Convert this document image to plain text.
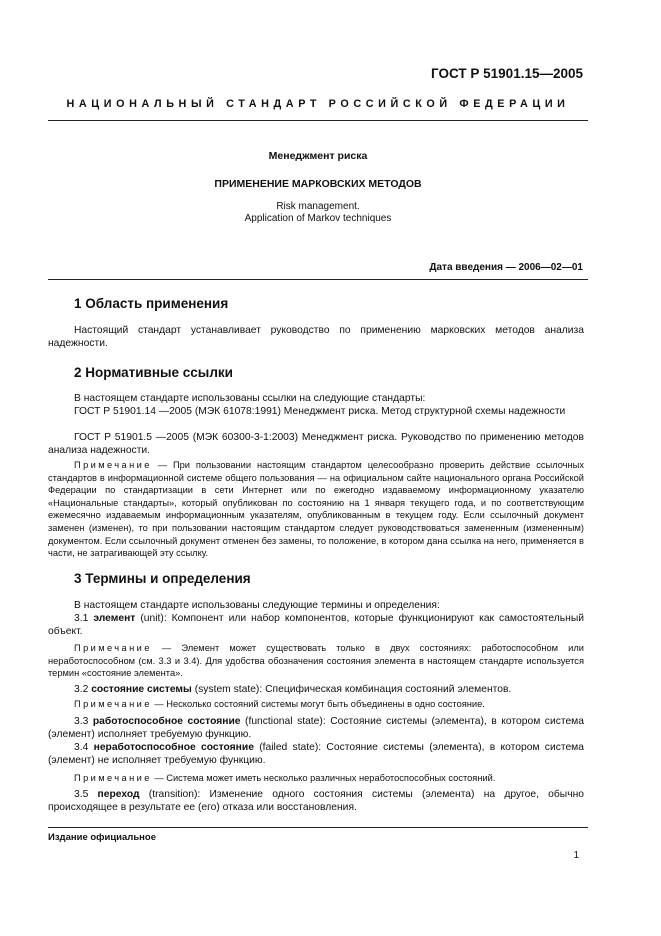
ГОСТ Р 51901.15—2005
НАЦИОНАЛЬНЫЙ СТАНДАРТ РОССИЙСКОЙ ФЕДЕРАЦИИ
Менеджмент риска
ПРИМЕНЕНИЕ МАРКОВСКИХ МЕТОДОВ
Risk management.
Application of Markov techniques
Дата введения — 2006—02—01
1 Область применения
Настоящий стандарт устанавливает руководство по применению марковских методов анализа надежности.
2 Нормативные ссылки
В настоящем стандарте использованы ссылки на следующие стандарты:
ГОСТ Р 51901.14 —2005 (МЭК 61078:1991) Менеджмент риска. Метод структурной схемы надежности
ГОСТ Р 51901.5 —2005 (МЭК 60300-3-1:2003) Менеджмент риска. Руководство по применению методов анализа надежности.
Примечание — При пользовании настоящим стандартом целесообразно проверить действие ссылочных стандартов в информационной системе общего пользования — на официальном сайте национального органа Российской Федерации по стандартизации в сети Интернет или по ежегодно издаваемому информационному указателю «Национальные стандарты», который опубликован по состоянию на 1 января текущего года, и по соответствующим ежемесячно издаваемым информационным указателям, опубликованным в текущем году. Если ссылочный документ заменен (изменен), то при пользовании настоящим стандартом следует руководствоваться замененным (измененным) документом. Если ссылочный документ отменен без замены, то положение, в котором дана ссылка на него, применяется в части, не затрагивающей эту ссылку.
3 Термины и определения
В настоящем стандарте использованы следующие термины и определения:
3.1 элемент (unit): Компонент или набор компонентов, которые функционируют как самостоятельный объект.
Примечание — Элемент может существовать только в двух состояниях: работоспособном или неработоспособном (см. 3.3 и 3.4). Для удобства обозначения состояния элемента в настоящем стандарте используется термин «состояние элемента».
3.2 состояние системы (system state): Специфическая комбинация состояний элементов.
Примечание — Несколько состояний системы могут быть объединены в одно состояние.
3.3 работоспособное состояние (functional state): Состояние системы (элемента), в котором система (элемент) исполняет требуемую функцию.
3.4 неработоспособное состояние (failed state): Состояние системы (элемента), в котором система (элемент) не исполняет требуемую функцию.
Примечание — Система может иметь несколько различных неработоспособных состояний.
3.5 переход (transition): Изменение одного состояния системы (элемента) на другое, обычно происходящее в результате ее (его) отказа или восстановления.
Издание официальное
1
